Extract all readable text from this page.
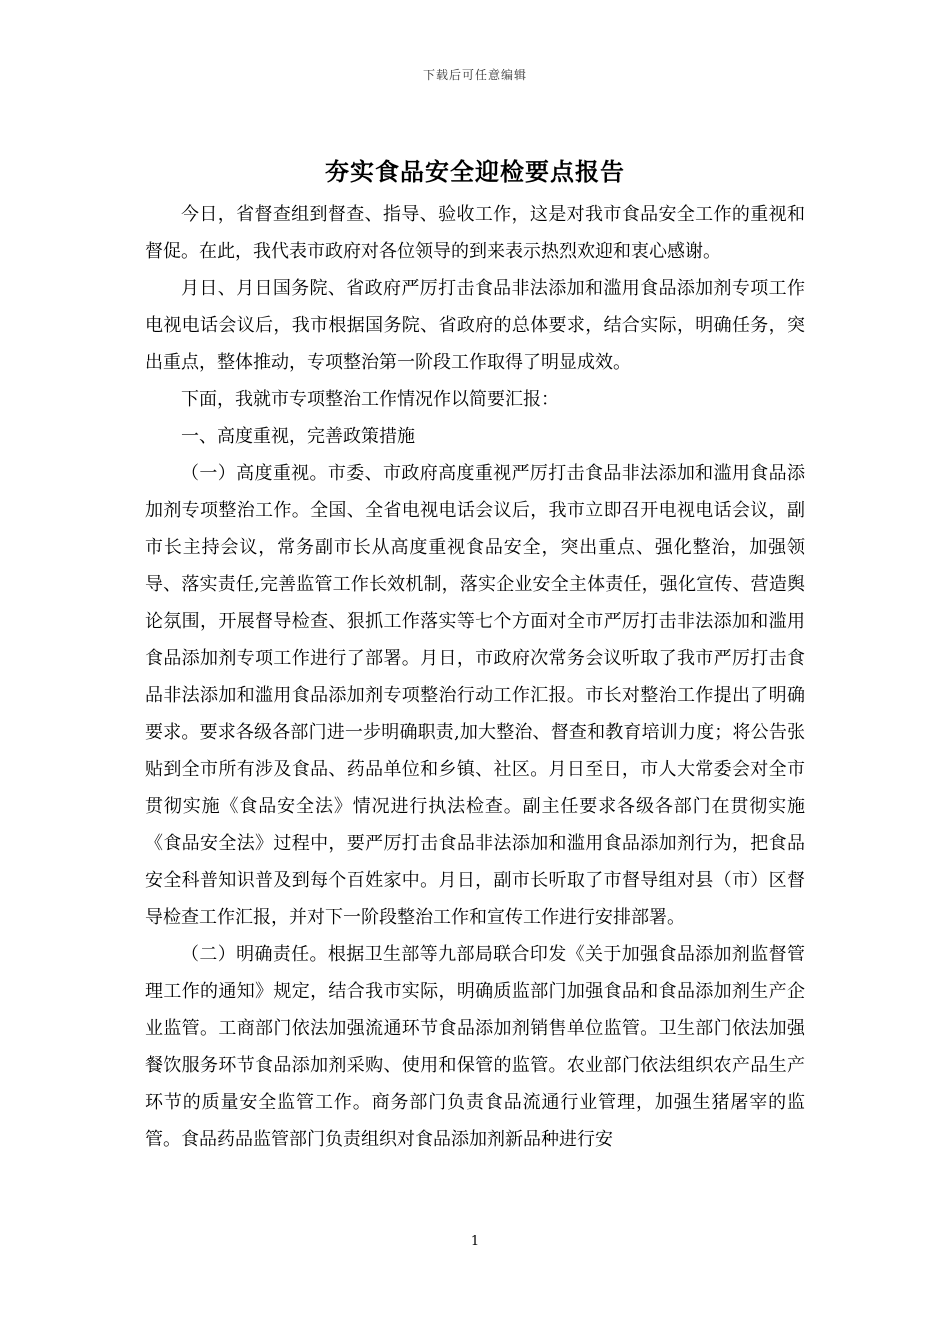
下载后可任意编辑
夯实食品安全迎检要点报告

今日，省督查组到督查、指导、验收工作，这是对我市食品安全工作的重视和督促。在此，我代表市政府对各位领导的到来表示热烈欢迎和衷心感谢。

月日、月日国务院、省政府严厉打击食品非法添加和滥用食品添加剂专项工作电视电话会议后，我市根据国务院、省政府的总体要求，结合实际，明确任务，突出重点，整体推动，专项整治第一阶段工作取得了明显成效。

下面，我就市专项整治工作情况作以简要汇报：

一、高度重视，完善政策措施

（一）高度重视。市委、市政府高度重视严厉打击食品非法添加和滥用食品添加剂专项整治工作。全国、全省电视电话会议后，我市立即召开电视电话会议，副市长主持会议，常务副市长从高度重视食品安全，突出重点、强化整治，加强领导、落实责任,完善监管工作长效机制，落实企业安全主体责任，强化宣传、营造舆论氛围，开展督导检查、狠抓工作落实等七个方面对全市严厉打击非法添加和滥用食品添加剂专项工作进行了部署。月日，市政府次常务会议听取了我市严厉打击食品非法添加和滥用食品添加剂专项整治行动工作汇报。市长对整治工作提出了明确要求。要求各级各部门进一步明确职责,加大整治、督查和教育培训力度；将公告张贴到全市所有涉及食品、药品单位和乡镇、社区。月日至日，市人大常委会对全市贯彻实施《食品安全法》情况进行执法检查。副主任要求各级各部门在贯彻实施《食品安全法》过程中，要严厉打击食品非法添加和滥用食品添加剂行为，把食品安全科普知识普及到每个百姓家中。月日，副市长听取了市督导组对县（市）区督导检查工作汇报，并对下一阶段整治工作和宣传工作进行安排部署。

（二）明确责任。根据卫生部等九部局联合印发《关于加强食品添加剂监督管理工作的通知》规定，结合我市实际，明确质监部门加强食品和食品添加剂生产企业监管。工商部门依法加强流通环节食品添加剂销售单位监管。卫生部门依法加强餐饮服务环节食品添加剂采购、使用和保管的监管。农业部门依法组织农产品生产环节的质量安全监管工作。商务部门负责食品流通行业管理，加强生猪屠宰的监管。食品药品监管部门负责组织对食品添加剂新品种进行安

1
